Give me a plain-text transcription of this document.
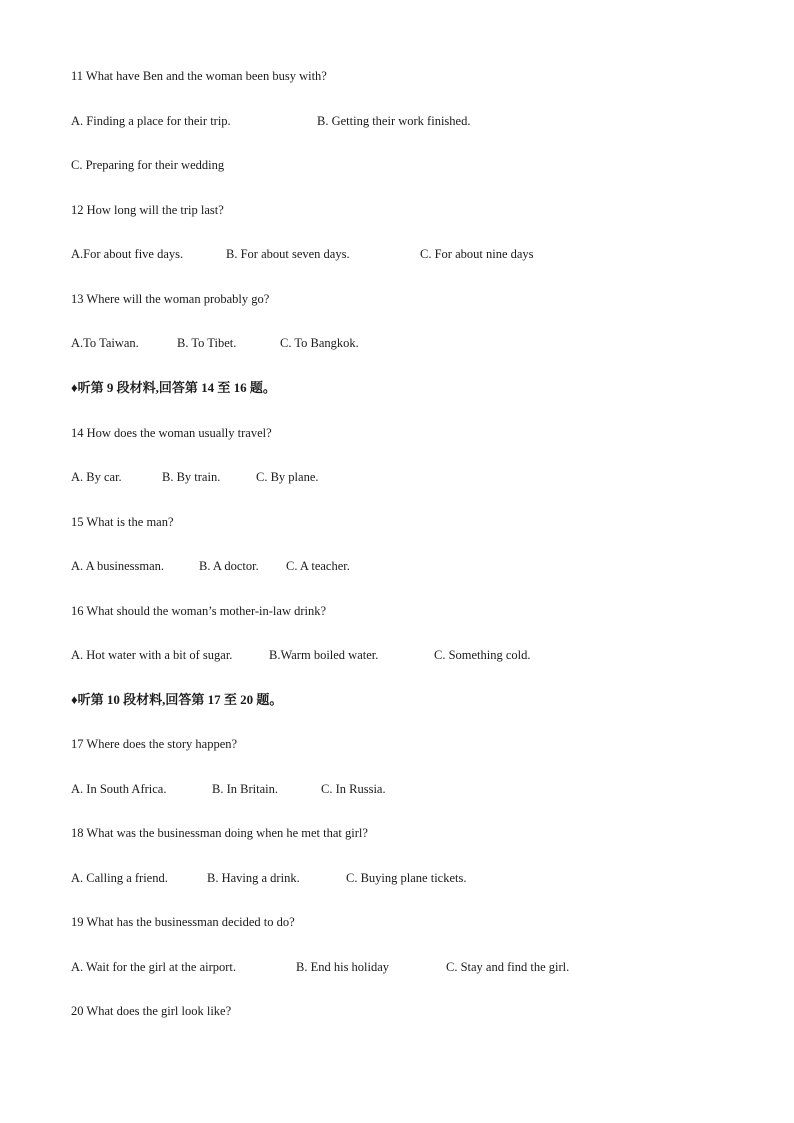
11 What have Ben and the woman been busy with?
A. Finding a place for their trip.	B. Getting their work finished.
C. Preparing for their wedding
12 How long will the trip last?
A.For about five days.	B. For about seven days.	C. For about nine days
13 Where will the woman probably go?
A.To Taiwan.	B. To Tibet.	C. To Bangkok.
♦听第 9 段材料,回答第 14 至 16 题。
14 How does the woman usually travel?
A. By car.	B. By train.	C. By plane.
15 What is the man?
A. A businessman.	B. A doctor. C. A teacher.
16 What should the woman’s mother-in-law drink?
A. Hot water with a bit of sugar.	B.Warm boiled water.	C. Something cold.
♦听第 10 段材料,回答第 17 至 20 题。
17 Where does the story happen?
A. In South Africa.	B. In Britain.	C. In Russia.
18 What was the businessman doing when he met that girl?
A. Calling a friend.	B. Having a drink.	C. Buying plane tickets.
19 What has the businessman decided to do?
A. Wait for the girl at the airport.	B. End his holiday	C. Stay and find the girl.
20 What does the girl look like?
